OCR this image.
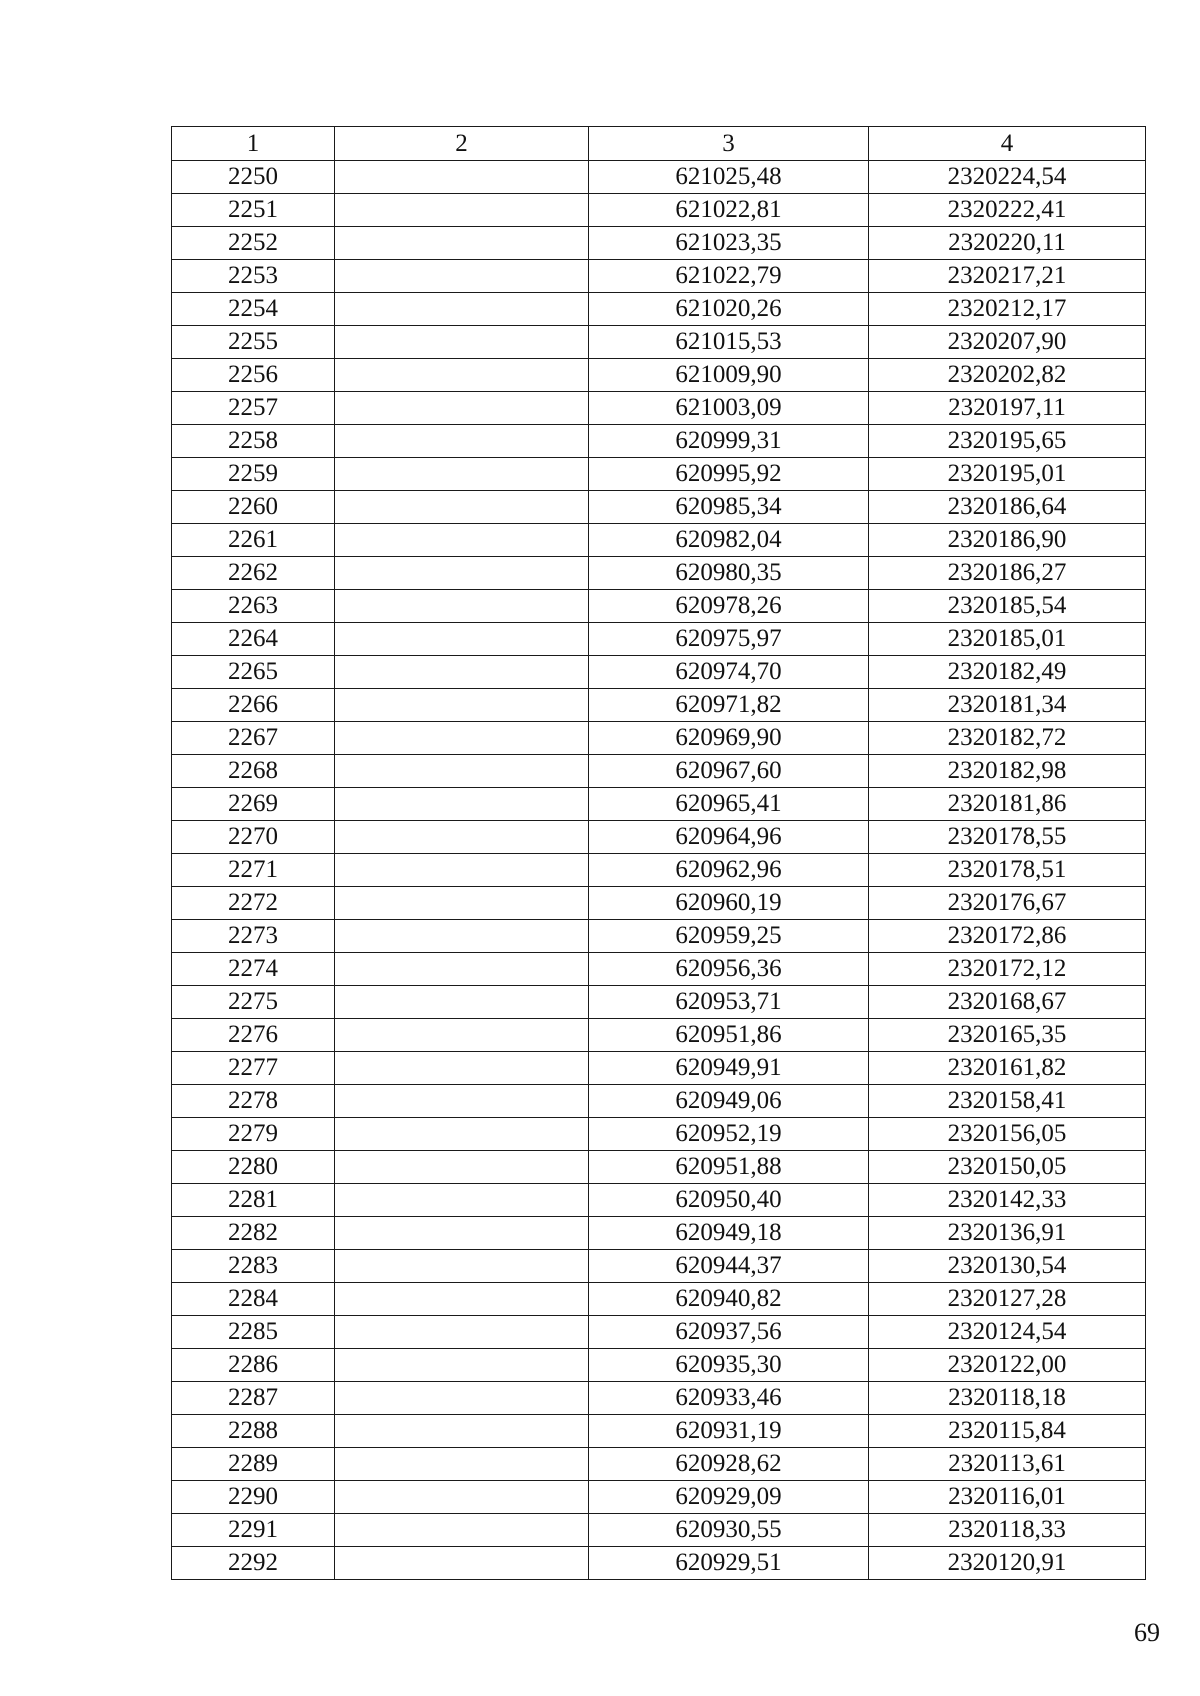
1	2	3	4
2250		621025,48	2320224,54
2251		621022,81	2320222,41
2252		621023,35	2320220,11
2253		621022,79	2320217,21
2254		621020,26	2320212,17
2255		621015,53	2320207,90
2256		621009,90	2320202,82
2257		621003,09	2320197,11
2258		620999,31	2320195,65
2259		620995,92	2320195,01
2260		620985,34	2320186,64
2261		620982,04	2320186,90
2262		620980,35	2320186,27
2263		620978,26	2320185,54
2264		620975,97	2320185,01
2265		620974,70	2320182,49
2266		620971,82	2320181,34
2267		620969,90	2320182,72
2268		620967,60	2320182,98
2269		620965,41	2320181,86
2270		620964,96	2320178,55
2271		620962,96	2320178,51
2272		620960,19	2320176,67
2273		620959,25	2320172,86
2274		620956,36	2320172,12
2275		620953,71	2320168,67
2276		620951,86	2320165,35
2277		620949,91	2320161,82
2278		620949,06	2320158,41
2279		620952,19	2320156,05
2280		620951,88	2320150,05
2281		620950,40	2320142,33
2282		620949,18	2320136,91
2283		620944,37	2320130,54
2284		620940,82	2320127,28
2285		620937,56	2320124,54
2286		620935,30	2320122,00
2287		620933,46	2320118,18
2288		620931,19	2320115,84
2289		620928,62	2320113,61
2290		620929,09	2320116,01
2291		620930,55	2320118,33
2292		620929,51	2320120,91
69
